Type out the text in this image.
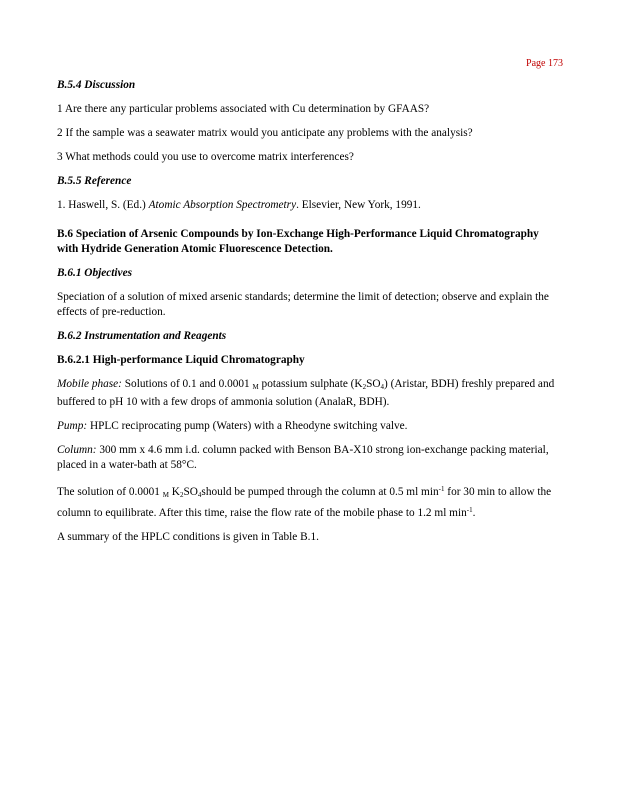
Page 173
B.5.4 Discussion

1 Are there any particular problems associated with Cu determination by GFAAS?

2 If the sample was a seawater matrix would you anticipate any problems with the analysis?

3 What methods could you use to overcome matrix interferences?

B.5.5 Reference

1. Haswell, S. (Ed.) Atomic Absorption Spectrometry. Elsevier, New York, 1991.

B.6 Speciation of Arsenic Compounds by Ion-Exchange High-Performance Liquid Chromatography with Hydride Generation Atomic Fluorescence Detection.
B.6.1 Objectives

Speciation of a solution of mixed arsenic standards; determine the limit of detection; observe and explain the effects of pre-reduction.

B.6.2 Instrumentation and Reagents
B.6.2.1 High-performance Liquid Chromatography

Mobile phase: Solutions of 0.1 and 0.0001 M potassium sulphate $(K_2SO_4)$ (Aristar, BDH) freshly prepared and buffered to pH 10 with a few drops of ammonia solution (AnalaR, BDH).

Pump: HPLC reciprocating pump (Waters) with a Rheodyne switching valve.

Column: 300 mm x 4.6 mm i.d. column packed with Benson BA-X10 strong ion-exchange packing material, placed in a water-bath at 58°C.

The solution of 0.0001 M $K_2SO_4should$ be pumped through the column at 0.5 ml $\min^{-1}$ for 30 min to allow the column to equilibrate. After this time, raise the flow rate of the mobile phase to 1.2 ml $\min^{-1}$.

A summary of the HPLC conditions is given in Table B.1.
